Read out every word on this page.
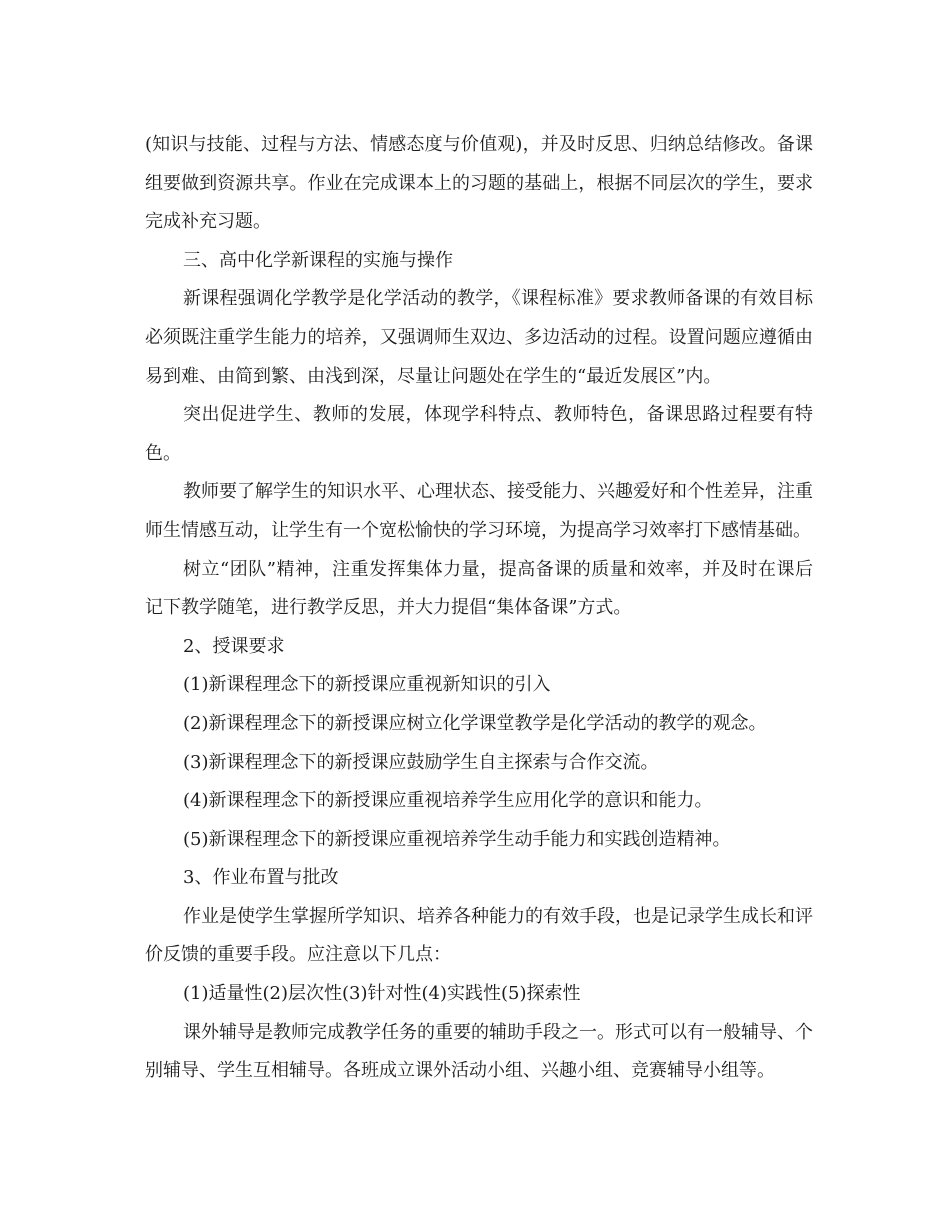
(知识与技能、过程与方法、情感态度与价值观)，并及时反思、归纳总结修改。备课组要做到资源共享。作业在完成课本上的习题的基础上，根据不同层次的学生，要求完成补充习题。

三、高中化学新课程的实施与操作

新课程强调化学教学是化学活动的教学，《课程标准》要求教师备课的有效目标必须既注重学生能力的培养，又强调师生双边、多边活动的过程。设置问题应遵循由易到难、由简到繁、由浅到深，尽量让问题处在学生的“最近发展区”内。

突出促进学生、教师的发展，体现学科特点、教师特色，备课思路过程要有特色。

教师要了解学生的知识水平、心理状态、接受能力、兴趣爱好和个性差异，注重师生情感互动，让学生有一个宽松愉快的学习环境，为提高学习效率打下感情基础。

树立“团队”精神，注重发挥集体力量，提高备课的质量和效率，并及时在课后记下教学随笔，进行教学反思，并大力提倡“集体备课”方式。

2、授课要求

(1)新课程理念下的新授课应重视新知识的引入

(2)新课程理念下的新授课应树立化学课堂教学是化学活动的教学的观念。

(3)新课程理念下的新授课应鼓励学生自主探索与合作交流。

(4)新课程理念下的新授课应重视培养学生应用化学的意识和能力。

(5)新课程理念下的新授课应重视培养学生动手能力和实践创造精神。

3、作业布置与批改

作业是使学生掌握所学知识、培养各种能力的有效手段，也是记录学生成长和评价反馈的重要手段。应注意以下几点：

(1)适量性(2)层次性(3)针对性(4)实践性(5)探索性

课外辅导是教师完成教学任务的重要的辅助手段之一。形式可以有一般辅导、个别辅导、学生互相辅导。各班成立课外活动小组、兴趣小组、竞赛辅导小组等。
